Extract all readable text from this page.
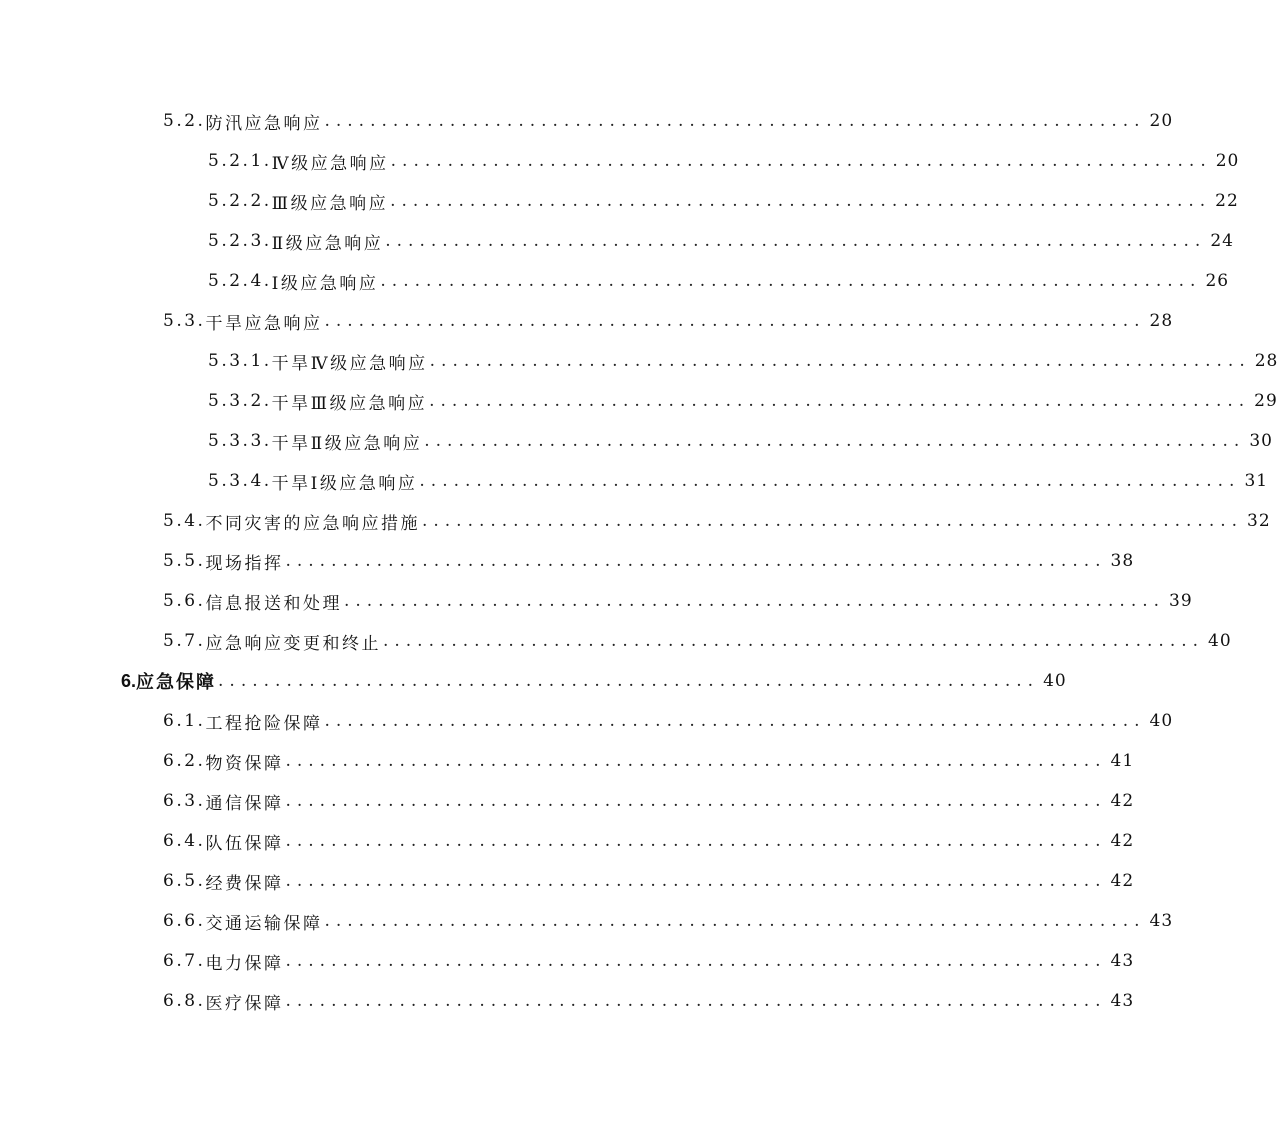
5.2. 防汛应急响应 ........................................................................ 20
5.2.1. Ⅳ级应急响应 ........................................................................ 20
5.2.2. Ⅲ级应急响应 ........................................................................ 22
5.2.3. Ⅱ级应急响应 ........................................................................ 24
5.2.4. Ⅰ级应急响应 ........................................................................ 26
5.3. 干旱应急响应 ........................................................................ 28
5.3.1. 干旱Ⅳ级应急响应 ........................................................................ 28
5.3.2. 干旱Ⅲ级应急响应 ........................................................................ 29
5.3.3. 干旱Ⅱ级应急响应 ........................................................................ 30
5.3.4. 干旱Ⅰ级应急响应 ........................................................................ 31
5.4. 不同灾害的应急响应措施 ........................................................................ 32
5.5. 现场指挥 ........................................................................ 38
5.6. 信息报送和处理 ........................................................................ 39
5.7. 应急响应变更和终止 ........................................................................ 40
6. 应急保障 ........................................................................ 40
6.1. 工程抢险保障 ........................................................................ 40
6.2. 物资保障 ........................................................................ 41
6.3. 通信保障 ........................................................................ 42
6.4. 队伍保障 ........................................................................ 42
6.5. 经费保障 ........................................................................ 42
6.6. 交通运输保障 ........................................................................ 43
6.7. 电力保障 ........................................................................ 43
6.8. 医疗保障 ........................................................................ 43
